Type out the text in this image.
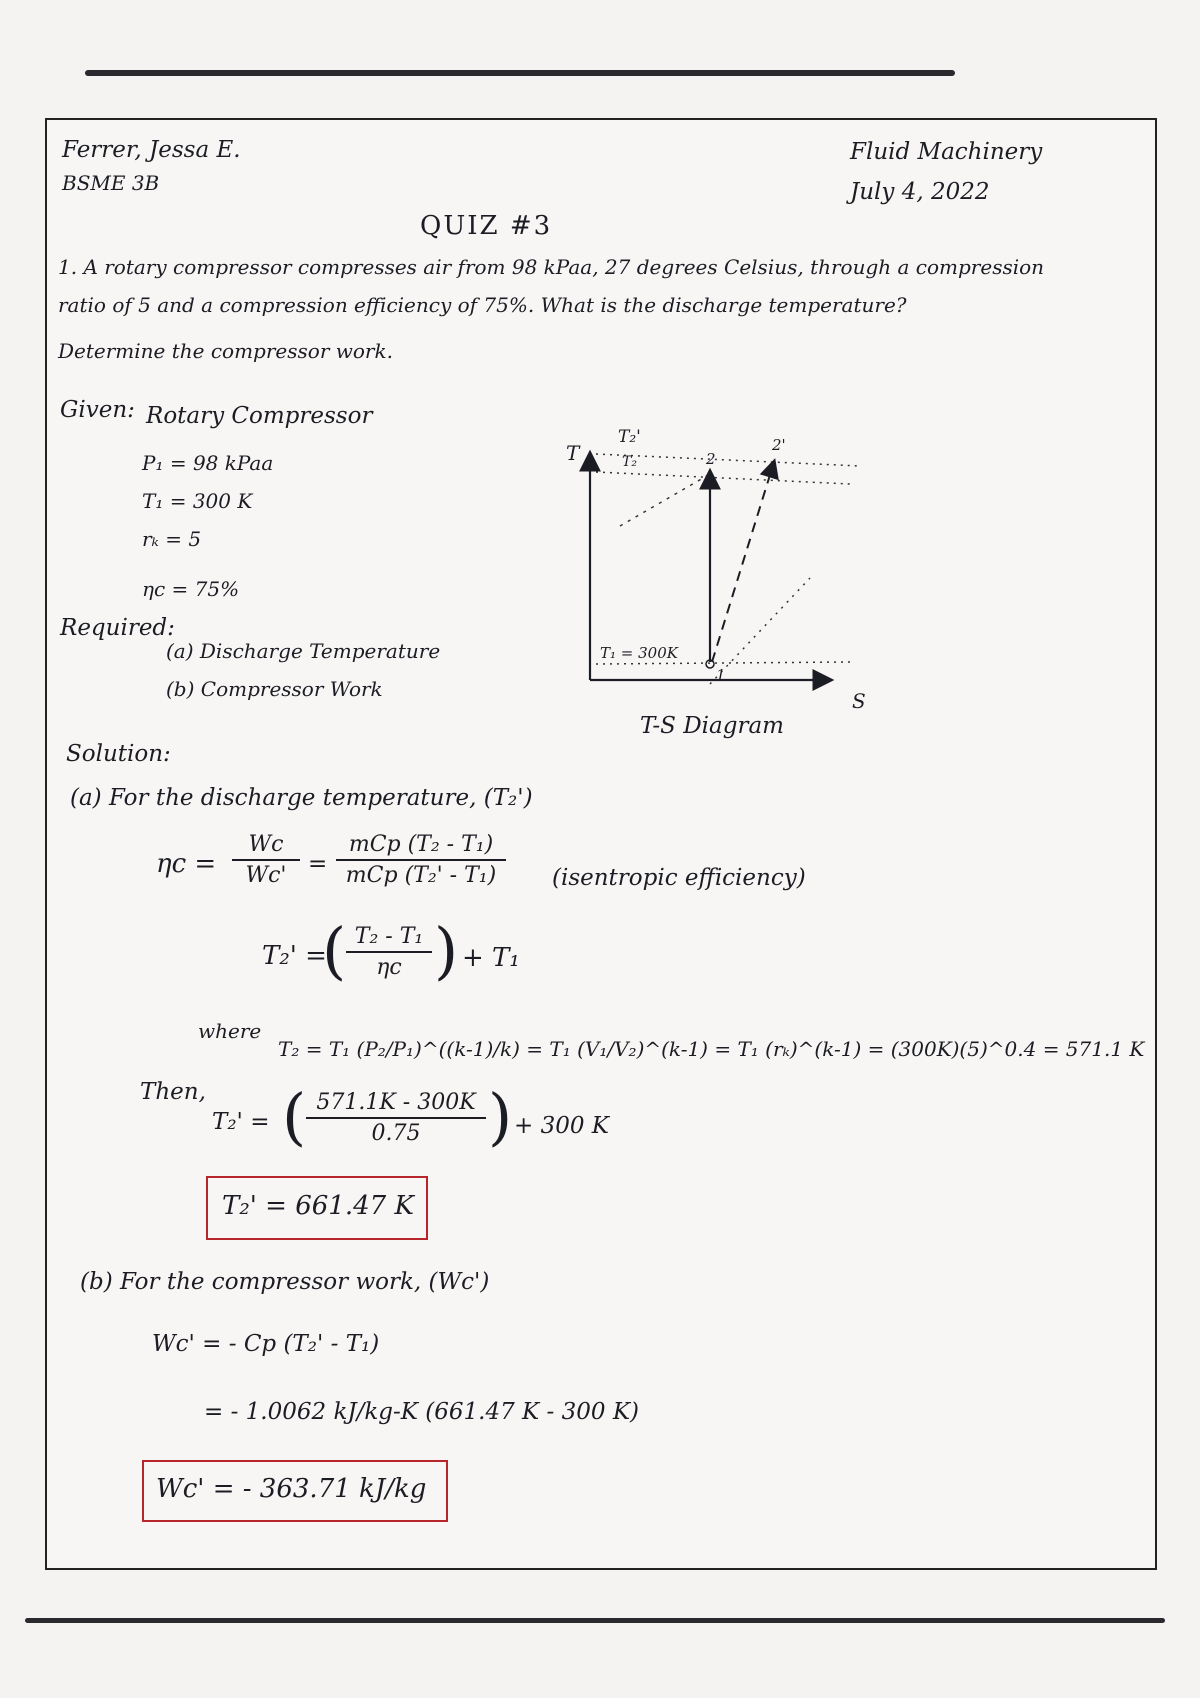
Ferrer, Jessa E.
BSME 3B
Fluid Machinery
July 4, 2022
QUIZ #3
1. A rotary compressor compresses air from 98 kPaa, 27 degrees Celsius, through a compression
ratio of 5 and a compression efficiency of 75%. What is the discharge temperature?
Determine the compressor work.
Given: Rotary Compressor
P₁ = 98 kPaa
T₁ = 300 K
rₖ = 5
ηc = 75%
Required:
(a) Discharge Temperature
(b) Compressor Work
T
S
T₂'
T₂	2
2'
T₁ = 300K
1
T-S Diagram
Solution:
(a) For the discharge temperature, (T₂')
ηc =
Wc
Wc' =
mCp (T₂ - T₁)
mCp (T₂' - T₁)	(isentropic efficiency)
T₂' =
( T₂ - T₁
ηc ) + T₁
where
T₂ = T₁ (P₂/P₁)^((k-1)/k) = T₁ (V₁/V₂)^(k-1) = T₁ (rₖ)^(k-1) = (300K)(5)^0.4 = 571.1 K
Then,
T₂' = ( 571.1K - 300K
0.75	) + 300 K
T₂' = 661.47 K
(b) For the compressor work, (Wc')
Wc' = - Cp (T₂' - T₁)
= - 1.0062 kJ/kg-K (661.47 K - 300 K)
Wc' = - 363.71 kJ/kg
